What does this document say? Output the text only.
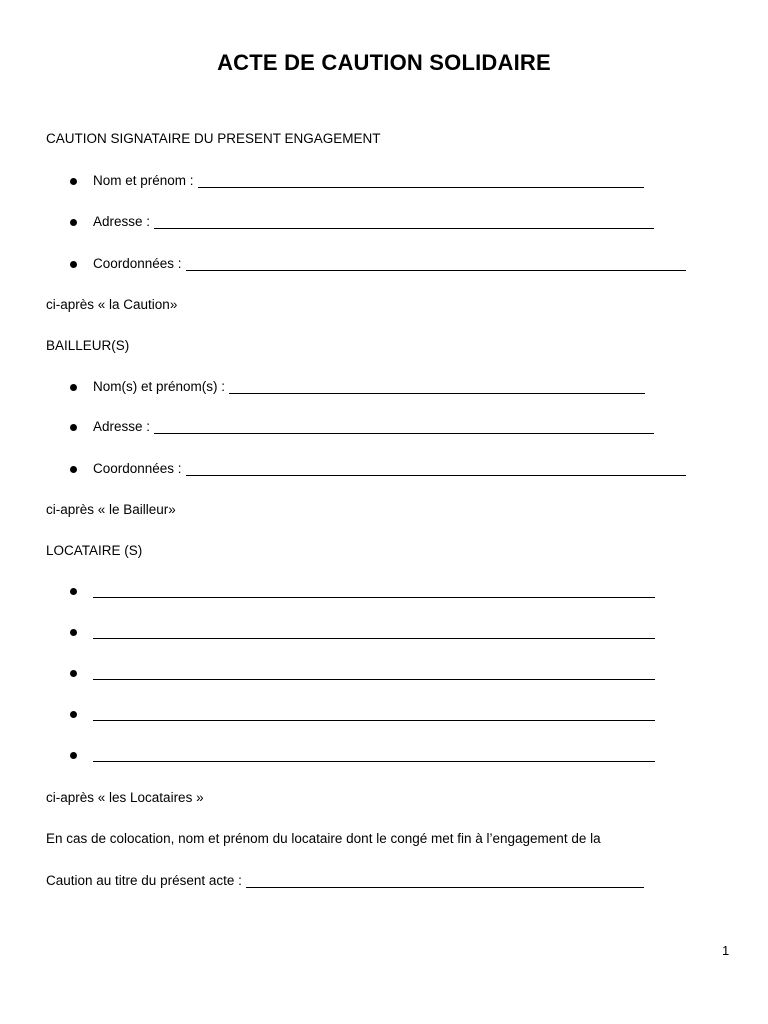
ACTE DE CAUTION SOLIDAIRE
CAUTION SIGNATAIRE DU PRESENT ENGAGEMENT
Nom et prénom :
Adresse :
Coordonnées :
ci-après « la Caution»
BAILLEUR(S)
Nom(s) et prénom(s) :
Adresse :
Coordonnées :
ci-après « le Bailleur»
LOCATAIRE (S)
ci-après « les Locataires »
En cas de colocation, nom et prénom du locataire dont le congé met fin à l’engagement de la
Caution au titre du présent acte :
1
